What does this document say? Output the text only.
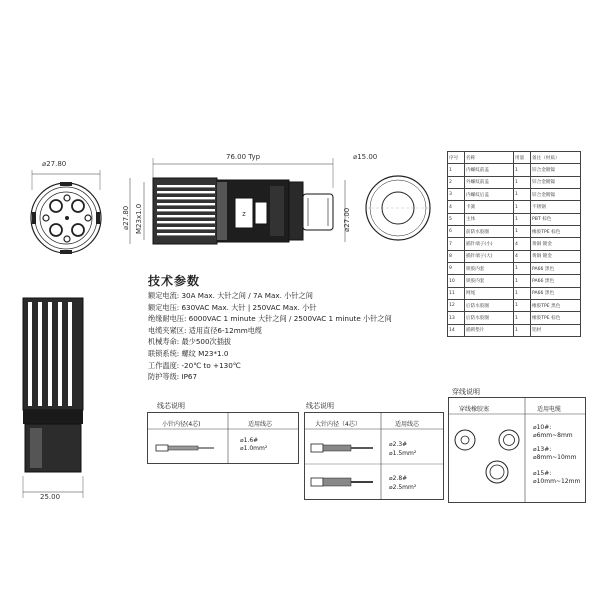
⌀27.80
76.00 Typ	⌀15.00
⌀27.80 M23x1.0	⌀27.00
Z
序号	名称	用量	备注（材质）
1	内螺纹前盖	1	锌合金镀镍
2	外螺纹前盖	1	锌合金镀镍
3	内螺纹后盖	1	锌合金镀镍
4	卡簧	1	不锈钢
5	主体	1	PBT 棕色
6	前防水胶圈	1	橡胶TPE 棕色
7	插针端子(小)	4	黄铜 镀金
8	插针端子(大)	4	黄铜 镀金
9	锁胶内套	1	PA66 黑色
10	锁胶内套	1	PA66 黑色
11	网尾	1	PA66 黑色
12	后防水胶圈	1	橡胶TPE 黑色
13	后防水胶圈	1	橡胶TPE 棕色
14	插锁垫片	1	铝材
技术参数
额定电流: 30A Max. 大针之间 / 7A Max. 小针之间
额定电压: 630VAC Max. 大针 | 250VAC Max. 小针
绝缘耐电压: 6000VAC 1 minute 大针之间 / 2500VAC 1 minute 小针之间
电缆夹紧区: 适用直径6-12mm电缆
机械寿命: 最少500次插拔
联锁系统: 螺纹 M23*1.0
工作温度: -20℃ to +130℃
防护等级: IP67
25.00
线芯说明
小针内径(4芯)	适用线芯
⌀1.6#
⌀1.0mm²
线芯说明
大针内径（4芯）	适用线芯
⌀2.3#
⌀1.5mm²
⌀2.8#
⌀2.5mm²
穿线说明
穿线橡胶塞	适用电缆
⌀10#:
⌀6mm~8mm
⌀13#:
⌀8mm~10mm
⌀15#:
⌀10mm~12mm
